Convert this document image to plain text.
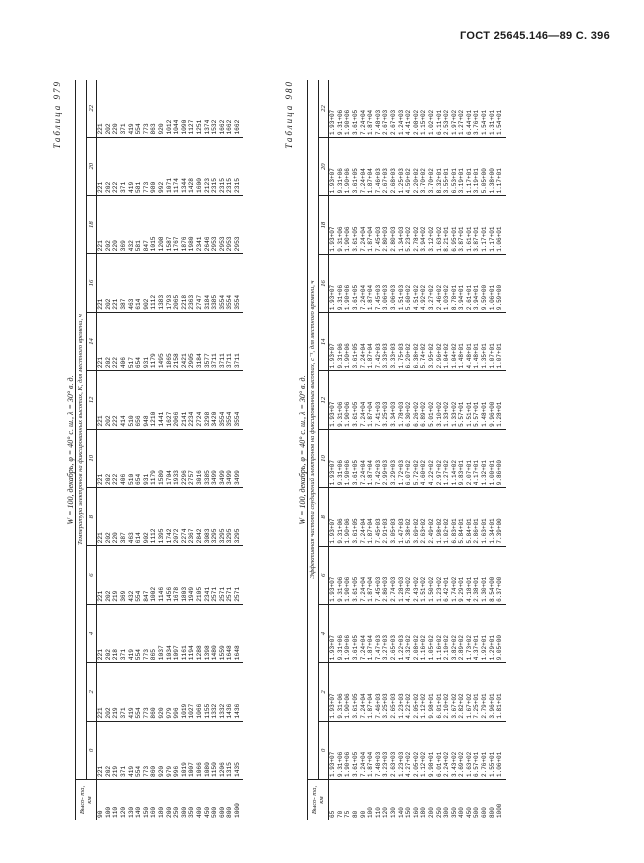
ГОСТ 25645.146—89 С. 396
Таблица 979

W = 100, декабрь, φ = 40° с. ш., λ = 30° в. д.

Высо- та, км	Температура электронов на фиксированных высотах, К, для местного времени, ч											
	0	2	4	6	8	10	12	14	16	18	20	22
90	221	221	221	221	221	221	221	221	221	221	221	221
100	202	202	202	202	202	202	202	202	202	202	202	202
110	219	219	218	219	220	222	222	222	221	220	222	220
120	371	371	371	369	387	406	414	406	387	369	371	371
130	419	419	419	432	463	510	510	517	463	432	419	419
140	554	554	554	554	614	654	656	654	614	581	581	554
150	773	773	773	847	902	931	948	931	902	847	773	773
160	860	860	865	1002	1112	1179	1210	1179	1112	1015	980	863
180	920	920	1037	1146	1395	1580	1441	1495	1383	1208	992	920
200	979	979	1034	1456	1742	1704	1627	1865	1793	1587	1071	1012
250	996	996	1097	1678	2072	1933	2066	2158	2065	1767	1174	1044
300	1019	1019	1161	1803	2274	2296	2141	2421	2218	1876	1344	1090
350	1007	1027	1194	1949	2367	2757	2234	2905	2363	1980	1428	1127
400	1066	1066	1288	2105	2842	3016	2724	3184	2747	2341	1600	1251
450	1080	1155	1398	2341	3083	3385	3298	3577	3184	2646	2123	1374
500	1150	1332	1480	2571	3295	3499	3420	3711	3385	2953	2315	1532
600	1206	1332	1559	2571	3295	3499	3554	3711	3554	2953	2315	1662
800	1315	1436	1648	2571	3295	3499	3554	3711	3554	2953	2315	1662
1000	1435	1436	1648	2571	3295	3499	3554	3711	3554	2953	2315	1662	Таблица 980

W = 100, декабрь, φ = 40° с. ш., λ = 30° в. д.

Высо- та, км	Эффективная частота соударений электронов на фиксированных высотах, с⁻¹, для местного времени, ч											
	0	2	4	6	8	10	12	14	16	18	20	22
65	1.93+07	1.93+07	1.93+07	1.93+07	1.93+07	1.93+07	1.93+07	1.93+07	1.93+07	1.93+07	1.93+07	1.93+07
70	9.31+06	9.31+06	9.31+06	9.31+06	9.31+06	9.31+06	9.31+06	9.31+06	9.31+06	9.31+06	9.31+06	9.31+06
75	1.90+06	1.90+06	1.90+06	1.90+06	1.90+06	1.90+06	1.90+06	1.90+06	1.90+06	1.90+06	1.90+06	1.90+06
80	3.61+05	3.61+05	3.61+05	3.61+05	3.61+05	3.61+05	3.61+05	3.61+05	3.61+05	3.61+05	3.61+05	3.61+05
90	7.24+04	7.24+04	7.24+04	7.24+04	7.24+04	7.24+04	7.24+04	7.24+04	7.24+04	7.24+04	7.24+04	7.24+04
100	1.87+04	1.87+04	1.87+04	1.87+04	1.87+04	1.87+04	1.87+04	1.87+04	1.87+04	1.87+04	1.87+04	1.87+04
110	7.48+03	7.46+03	7.47+03	7.45+03	7.45+03	7.42+03	7.41+03	7.42+03	7.45+03	7.45+03	7.46+03	7.48+03
120	3.23+03	3.25+03	3.27+03	2.86+03	2.91+03	2.99+03	3.25+03	3.33+03	3.06+03	2.80+03	2.67+03	2.67+03
130	2.63+03	2.65+03	2.65+03	2.74+03	3.05+03	3.29+03	3.34+03	3.33+03	3.06+03	2.80+03	2.68+03	2.67+03
140	1.23+03	1.23+03	1.22+03	1.28+03	1.47+03	1.72+03	1.78+03	1.75+03	1.51+03	1.34+03	1.25+03	1.24+03
150	4.27+02	4.22+02	4.32+02	4.78+02	5.38+02	6.07+02	6.30+02	6.20+02	5.60+02	5.23+02	4.59+02	4.41+02
160	2.05+02	2.05+02	2.08+02	2.43+02	3.69+02	5.72+02	6.26+02	6.38+02	4.51+02	2.78+02	2.20+02	2.08+02
180	1.12+02	1.12+02	1.16+02	1.51+02	2.63+02	4.60+02	6.89+02	5.74+02	4.92+02	3.94+02	3.70+02	1.15+02
200	9.98+01	9.98+01	1.05+02	1.50+02	2.49+02	4.22+02	5.01+02	3.95+02	3.27+02	3.12+02	3.70+02	1.02+02
250	6.01+01	6.01+01	1.16+02	1.23+02	1.98+02	2.97+02	3.10+02	2.96+02	2.46+02	1.63+02	8.32+01	6.11+01
300	2.24+02	2.10+02	2.10+02	6.42+01	1.02+02	1.27+02	1.33+02	1.04+02	1.03+02	8.21+01	3.55+01	2.53+02
350	3.43+02	3.67+02	3.82+02	1.74+02	6.83+01	1.14+02	1.33+02	1.04+02	8.78+01	6.95+01	6.53+01	1.97+02
400	2.69+02	2.82+02	2.89+02	9.29+01	5.84+01	9.83+01	5.57+01	1.48+01	3.94+01	3.87+01	3.19+01	1.27+02
450	1.63+02	1.67+02	1.73+02	4.18+01	5.84+01	2.07+01	1.51+01	4.48+01	2.61+01	1.61+01	1.17+01	6.44+01
500	6.57+01	7.25+01	4.37+01	2.38+01	2.86+01	4.17+01	5.57+01	1.48+01	3.94+01	3.87+01	3.19+01	3.76+01
600	2.76+01	2.79+01	1.92+01	1.30+01	1.63+01	1.32+01	1.48+01	1.35+01	9.59+00	1.17+01	5.05+00	1.54+01
800	1.55+01	3.96+01	1.29+01	8.54+00	1.34+01	1.00+01	9.96+00	1.07+01	1.06+01	1.17+01	1.38+00	1.31+01
1000	1.06+01	1.81+01	9.05+00	6.37+00	7.39+00	9.86+00	1.28+01	1.07+01	9.59+00	1.06+01	1.17+01	1.54+01
